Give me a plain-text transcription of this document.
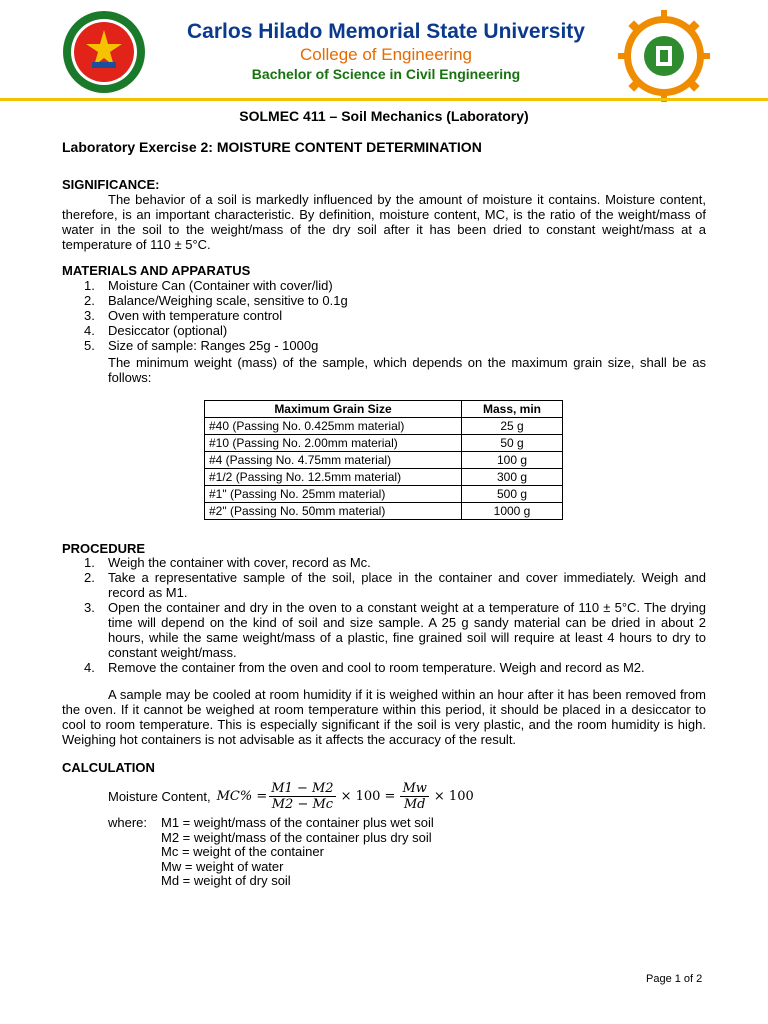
Carlos Hilado Memorial State University
College of Engineering
Bachelor of Science in Civil Engineering
SOLMEC 411 – Soil Mechanics (Laboratory)
Laboratory Exercise 2: MOISTURE CONTENT DETERMINATION
SIGNIFICANCE:
The behavior of a soil is markedly influenced by the amount of moisture it contains. Moisture content, therefore, is an important characteristic. By definition, moisture content, MC, is the ratio of the weight/mass of water in the soil to the weight/mass of the dry soil after it has been dried to constant weight/mass at a temperature of 110 ± 5°C.
MATERIALS AND APPARATUS
1.	Moisture Can (Container with cover/lid)
2.	Balance/Weighing scale, sensitive to 0.1g
3.	Oven with temperature control
4.	Desiccator (optional)
5.	Size of sample: Ranges 25g - 1000g
The minimum weight (mass) of the sample, which depends on the maximum grain size, shall be as follows:
Maximum Grain Size	Mass, min
#40 (Passing No. 0.425mm material)	25 g
#10 (Passing No. 2.00mm material)	50 g
#4 (Passing No. 4.75mm material)	100 g
#1/2 (Passing No. 12.5mm material)	300 g
#1" (Passing No. 25mm material)	500 g
#2" (Passing No. 50mm material)	1000 g
PROCEDURE
1.	Weigh the container with cover, record as Mc.
2.	Take a representative sample of the soil, place in the container and cover immediately. Weigh and record as M1.
3.	Open the container and dry in the oven to a constant weight at a temperature of 110 ± 5°C. The drying time will depend on the kind of soil and size sample. A 25 g sandy material can be dried in about 2 hours, while the same weight/mass of a plastic, fine grained soil will require at least 4 hours to dry to constant weight/mass.
4.	Remove the container from the oven and cool to room temperature. Weigh and record as M2.
A sample may be cooled at room humidity if it is weighed within an hour after it has been removed from the oven. If it cannot be weighed at room temperature within this period, it should be placed in a desiccator to cool to room temperature. This is especially significant if the soil is very plastic, and the room humidity is high. Weighing hot containers is not advisable as it affects the accuracy of the result.
CALCULATION
Moisture Content, $MC\% = \frac{M1 - M2}{M2 - Mc} \times 100 = \frac{Mw}{Md} \times 100$
where: M1 = weight/mass of the container plus wet soil
M2 = weight/mass of the container plus dry soil
Mc = weight of the container
Mw = weight of water
Md = weight of dry soil
Page 1 of 2
